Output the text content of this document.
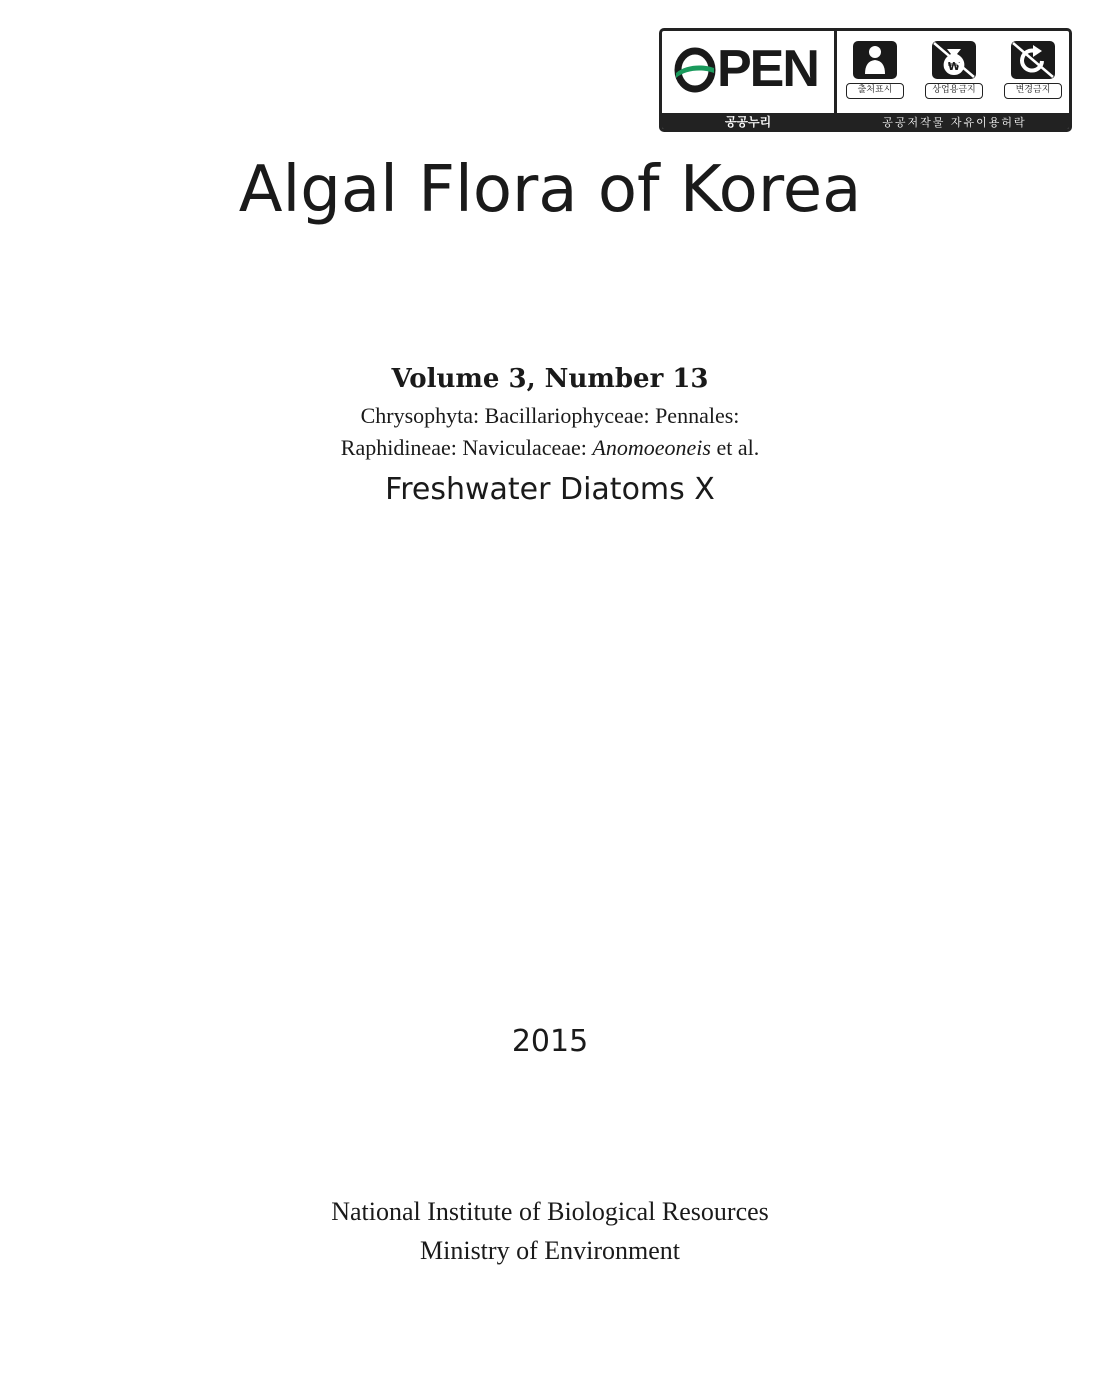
PEN	출처표시
₩
상업용금지	변경금지
공공누리	공공저작물 자유이용허락
Algal Flora of Korea
Volume 3, Number 13
Chrysophyta: Bacillariophyceae: Pennales:
Raphidineae: Naviculaceae: Anomoeoneis et al.
Freshwater Diatoms X
2015
National Institute of Biological Resources
Ministry of Environment
